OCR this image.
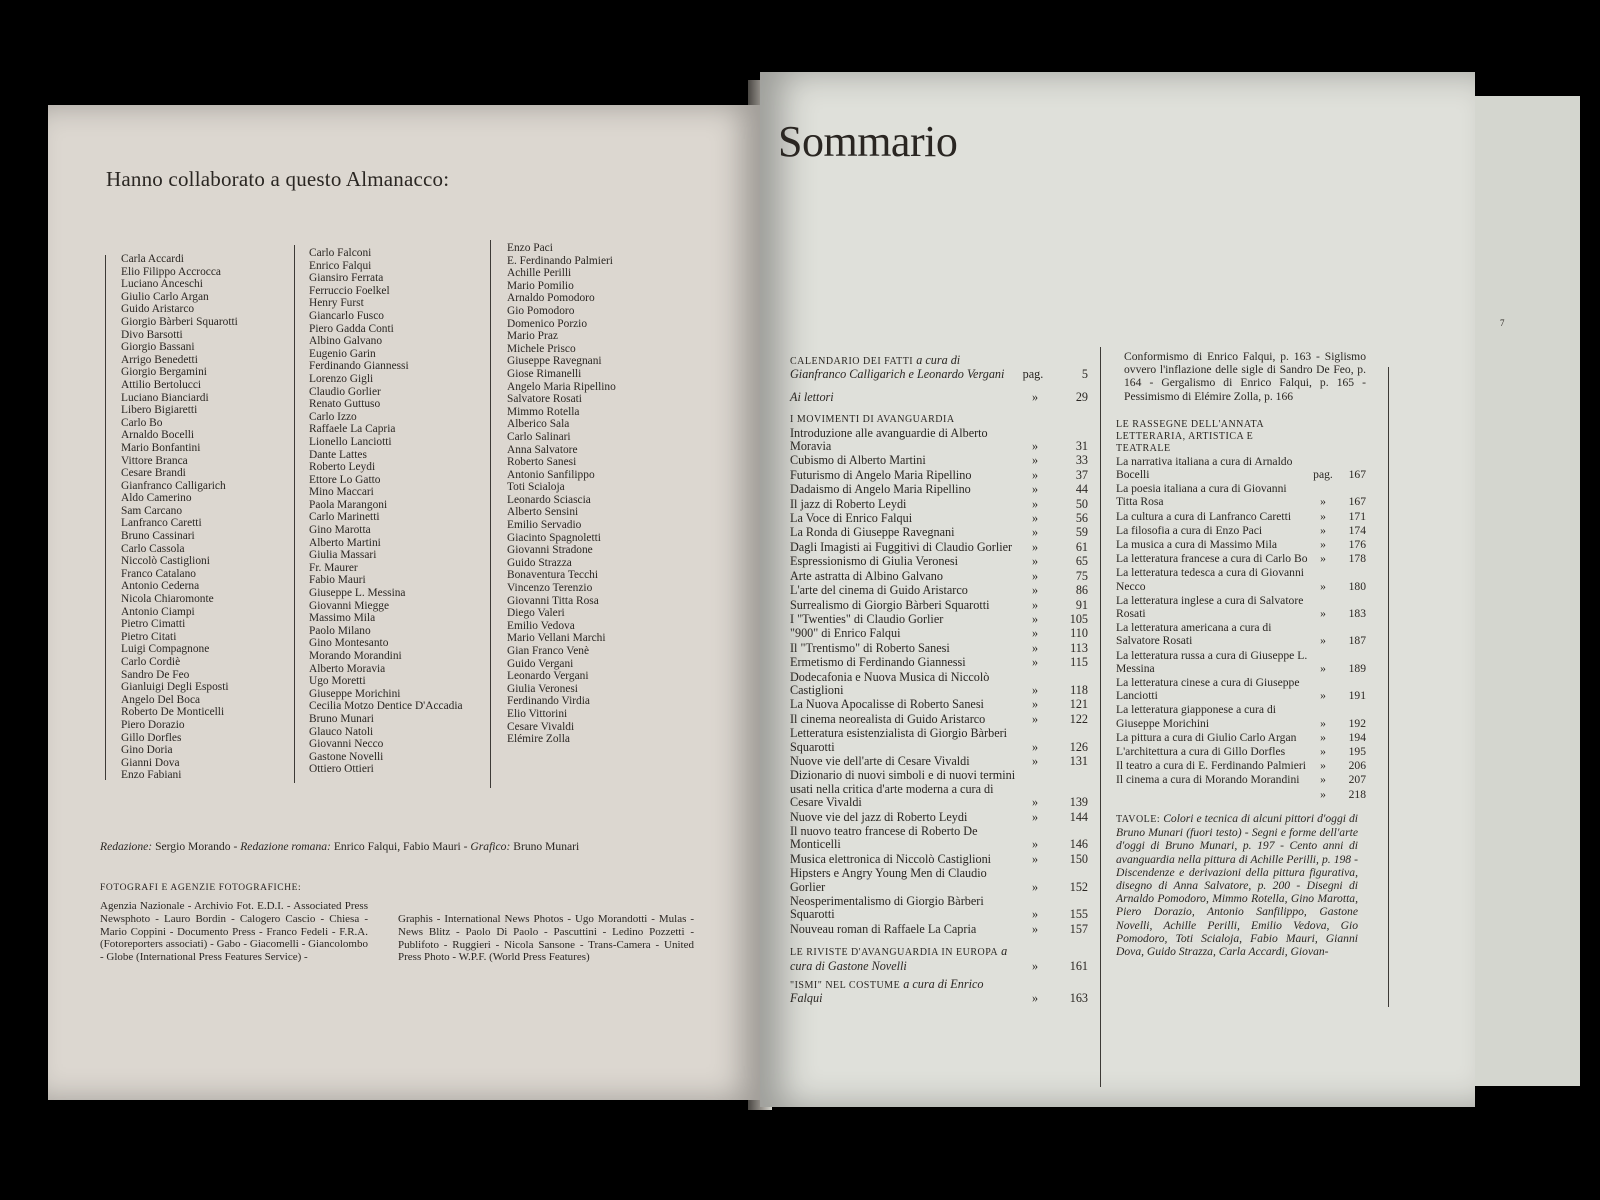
7
Hanno collaborato a questo Almanacco:
Carla Accardi
Elio Filippo Accrocca
Luciano Anceschi
Giulio Carlo Argan
Guido Aristarco
Giorgio Bàrberi Squarotti
Divo Barsotti
Giorgio Bassani
Arrigo Benedetti
Giorgio Bergamini
Attilio Bertolucci
Luciano Bianciardi
Libero Bigiaretti
Carlo Bo
Arnaldo Bocelli
Mario Bonfantini
Vittore Branca
Cesare Brandi
Gianfranco Calligarich
Aldo Camerino
Sam Carcano
Lanfranco Caretti
Bruno Cassinari
Carlo Cassola
Niccolò Castiglioni
Franco Catalano
Antonio Cederna
Nicola Chiaromonte
Antonio Ciampi
Pietro Cimatti
Pietro Citati
Luigi Compagnone
Carlo Cordiè
Sandro De Feo
Gianluigi Degli Esposti
Angelo Del Boca
Roberto De Monticelli
Piero Dorazio
Gillo Dorfles
Gino Doria
Gianni Dova
Enzo Fabiani
Carlo Falconi
Enrico Falqui
Giansiro Ferrata
Ferruccio Foelkel
Henry Furst
Giancarlo Fusco
Piero Gadda Conti
Albino Galvano
Eugenio Garin
Ferdinando Giannessi
Lorenzo Gigli
Claudio Gorlier
Renato Guttuso
Carlo Izzo
Raffaele La Capria
Lionello Lanciotti
Dante Lattes
Roberto Leydi
Ettore Lo Gatto
Mino Maccari
Paola Marangoni
Carlo Marinetti
Gino Marotta
Alberto Martini
Giulia Massari
Fr. Maurer
Fabio Mauri
Giuseppe L. Messina
Giovanni Miegge
Massimo Mila
Paolo Milano
Gino Montesanto
Morando Morandini
Alberto Moravia
Ugo Moretti
Giuseppe Morichini
Cecilia Motzo Dentice D'Accadia
Bruno Munari
Glauco Natoli
Giovanni Necco
Gastone Novelli
Ottiero Ottieri
Enzo Paci
E. Ferdinando Palmieri
Achille Perilli
Mario Pomilio
Arnaldo Pomodoro
Gio Pomodoro
Domenico Porzio
Mario Praz
Michele Prisco
Giuseppe Ravegnani
Giose Rimanelli
Angelo Maria Ripellino
Salvatore Rosati
Mimmo Rotella
Alberico Sala
Carlo Salinari
Anna Salvatore
Roberto Sanesi
Antonio Sanfilippo
Toti Scialoja
Leonardo Sciascia
Alberto Sensini
Emilio Servadio
Giacinto Spagnoletti
Giovanni Stradone
Guido Strazza
Bonaventura Tecchi
Vincenzo Terenzio
Giovanni Titta Rosa
Diego Valeri
Emilio Vedova
Mario Vellani Marchi
Gian Franco Venè
Guido Vergani
Leonardo Vergani
Giulia Veronesi
Ferdinando Virdia
Elio Vittorini
Cesare Vivaldi
Elémire Zolla
Redazione: Sergio Morando - Redazione romana: Enrico Falqui, Fabio Mauri - Grafico: Bruno Munari
FOTOGRAFI E AGENZIE FOTOGRAFICHE:
Agenzia Nazionale - Archivio Fot. E.D.I. - Associated Press Newsphoto - Lauro Bordin - Calogero Cascio - Chiesa - Mario Coppini - Documento Press - Franco Fedeli - F.R.A. (Fotoreporters associati) - Gabo - Giacomelli - Giancolombo - Globe (International Press Features Service) -
Graphis - International News Photos - Ugo Morandotti - Mulas - News Blitz - Paolo Di Paolo - Pascuttini - Ledino Pozzetti - Publifoto - Ruggieri - Nicola Sansone - Trans-Camera - United Press Photo - W.P.F. (World Press Features)
Sommario
CALENDARIO DEI FATTI a cura di Gianfranco Calligarich e Leonardo Vergani	pag.	5
Ai lettori	»	29
I MOVIMENTI DI AVANGUARDIA
Introduzione alle avanguardie di Alberto Moravia	»	31
Cubismo di Alberto Martini	»	33
Futurismo di Angelo Maria Ripellino	»	37
Dadaismo di Angelo Maria Ripellino	»	44
Il jazz di Roberto Leydi	»	50
La Voce di Enrico Falqui	»	56
La Ronda di Giuseppe Ravegnani	»	59
Dagli Imagisti ai Fuggitivi di Claudio Gorlier	»	61
Espressionismo di Giulia Veronesi	»	65
Arte astratta di Albino Galvano	»	75
L'arte del cinema di Guido Aristarco	»	86
Surrealismo di Giorgio Bàrberi Squarotti	»	91
I "Twenties" di Claudio Gorlier	»	105
"900" di Enrico Falqui	»	110
Il "Trentismo" di Roberto Sanesi	»	113
Ermetismo di Ferdinando Giannessi	»	115
Dodecafonia e Nuova Musica di Niccolò Castiglioni	»	118
La Nuova Apocalisse di Roberto Sanesi	»	121
Il cinema neorealista di Guido Aristarco	»	122
Letteratura esistenzialista di Giorgio Bàrberi Squarotti	»	126
Nuove vie dell'arte di Cesare Vivaldi	»	131
Dizionario di nuovi simboli e di nuovi termini usati nella critica d'arte moderna a cura di Cesare Vivaldi	»	139
Nuove vie del jazz di Roberto Leydi	»	144
Il nuovo teatro francese di Roberto De Monticelli	»	146
Musica elettronica di Niccolò Castiglioni	»	150
Hipsters e Angry Young Men di Claudio Gorlier	»	152
Neosperimentalismo di Giorgio Bàrberi Squarotti	»	155
Nouveau roman di Raffaele La Capria	»	157
LE RIVISTE D'AVANGUARDIA IN EUROPA a cura di Gastone Novelli	»	161
"ISMI" NEL COSTUME a cura di Enrico Falqui	»	163
Conformismo di Enrico Falqui, p. 163 - Siglismo ovvero l'inflazione delle sigle di Sandro De Feo, p. 164 - Gergalismo di Enrico Falqui, p. 165 - Pessimismo di Elémire Zolla, p. 166
LE RASSEGNE DELL'ANNATA LETTERARIA, ARTISTICA E TEATRALE
La narrativa italiana a cura di Arnaldo Bocelli	pag.	167
La poesia italiana a cura di Giovanni Titta Rosa	»	167
La cultura a cura di Lanfranco Caretti	»	171
La filosofia a cura di Enzo Paci	»	174
La musica a cura di Massimo Mila	»	176
La letteratura francese a cura di Carlo Bo	»	178
La letteratura tedesca a cura di Giovanni Necco	»	180
La letteratura inglese a cura di Salvatore Rosati	»	183
La letteratura americana a cura di Salvatore Rosati	»	187
La letteratura russa a cura di Giuseppe L. Messina	»	189
La letteratura cinese a cura di Giuseppe Lanciotti	»	191
La letteratura giapponese a cura di Giuseppe Morichini	»	192
La pittura a cura di Giulio Carlo Argan	»	194
L'architettura a cura di Gillo Dorfles	»	195
Il teatro a cura di E. Ferdinando Palmieri	»	206
Il cinema a cura di Morando Morandini	»	207

»	218
TAVOLE: Colori e tecnica di alcuni pittori d'oggi di Bruno Munari (fuori testo) - Segni e forme dell'arte d'oggi di Bruno Munari, p. 197 - Cento anni di avanguardia nella pittura di Achille Perilli, p. 198 - Discendenze e derivazioni della pittura figurativa, disegno di Anna Salvatore, p. 200 - Disegni di Arnaldo Pomodoro, Mimmo Rotella, Gino Marotta, Piero Dorazio, Antonio Sanfilippo, Gastone Novelli, Achille Perilli, Emilio Vedova, Gio Pomodoro, Toti Scialoja, Fabio Mauri, Gianni Dova, Guido Strazza, Carla Accardi, Giovan-
